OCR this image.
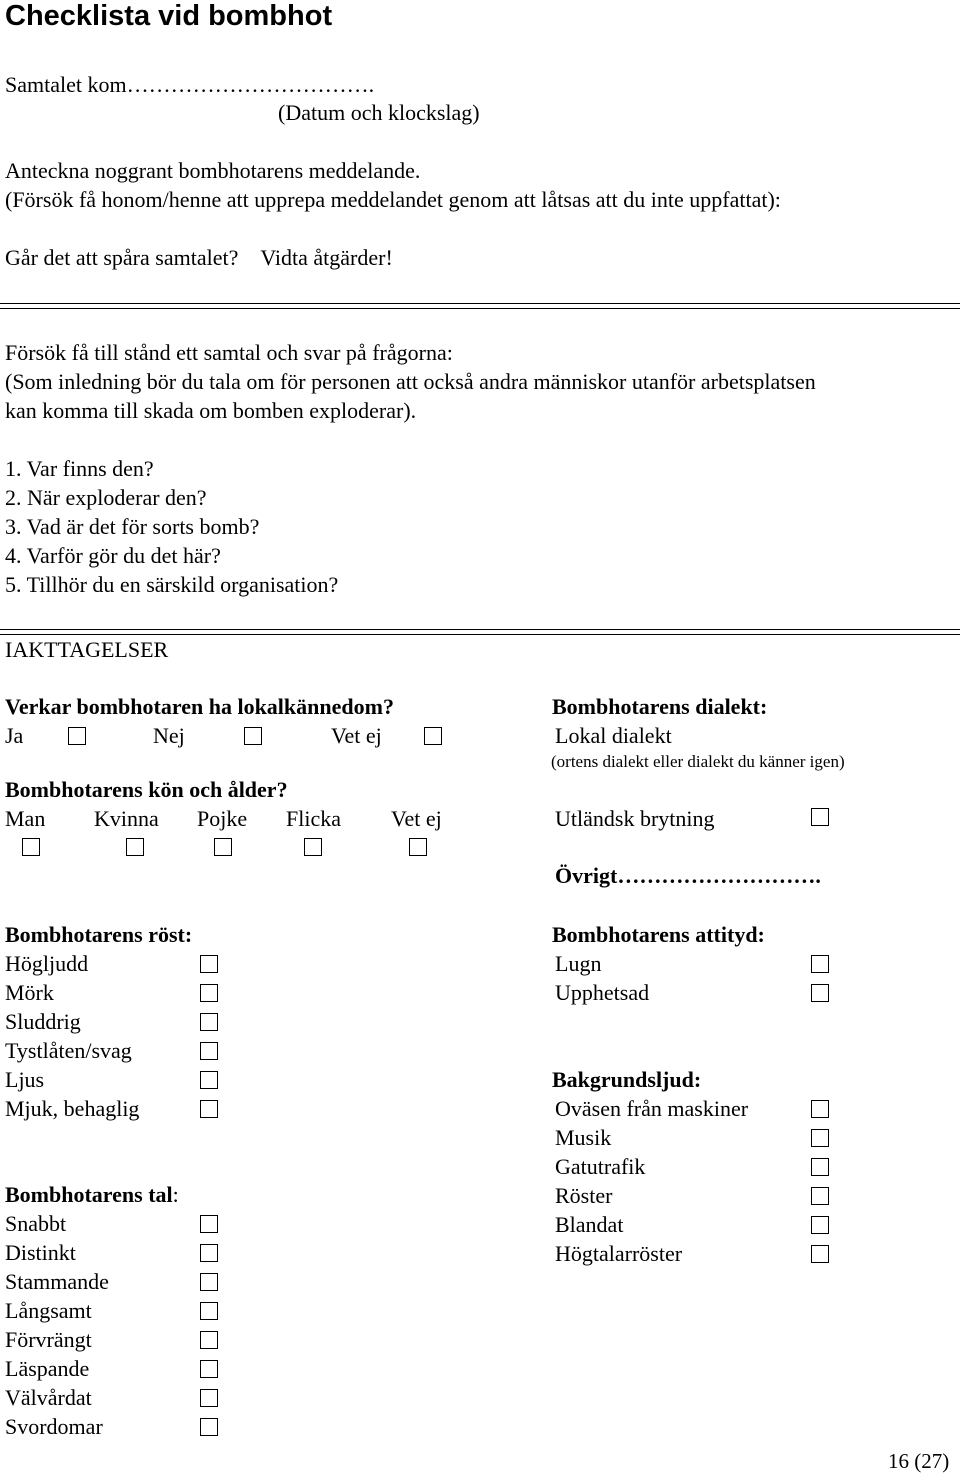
Checklista vid bombhot
Samtalet kom…………………………….
(Datum och klockslag)
Anteckna noggrant bombhotarens meddelande.
(Försök få honom/henne att upprepa meddelandet genom att låtsas att du inte uppfattat):
Går det att spåra samtalet? Vidta åtgärder!
Försök få till stånd ett samtal och svar på frågorna:
(Som inledning bör du tala om för personen att också andra människor utanför arbetsplatsen
kan komma till skada om bomben exploderar).
1. Var finns den?
2. När exploderar den?
3. Vad är det för sorts bomb?
4. Varför gör du det här?
5. Tillhör du en särskild organisation?
IAKTTAGELSER
Verkar bombhotaren ha lokalkännedom?
Ja	Nej	Vet ej
Bombhotarens dialekt:
Lokal dialekt
(ortens dialekt eller dialekt du känner igen)
Utländsk brytning
Övrigt……………………….
Bombhotarens kön och ålder?
Man Kvinna Pojke Flicka Vet ej
Bombhotarens röst:
Högljudd
Mörk
Sluddrig
Tystlåten/svag
Ljus
Mjuk, behaglig
Bombhotarens attityd:
Lugn
Upphetsad
Bakgrundsljud:
Oväsen från maskiner
Musik
Gatutrafik
Röster
Blandat
Högtalarröster
Bombhotarens tal:
Snabbt
Distinkt
Stammande
Långsamt
Förvrängt
Läspande
Välvårdat
Svordomar
16 (27)
